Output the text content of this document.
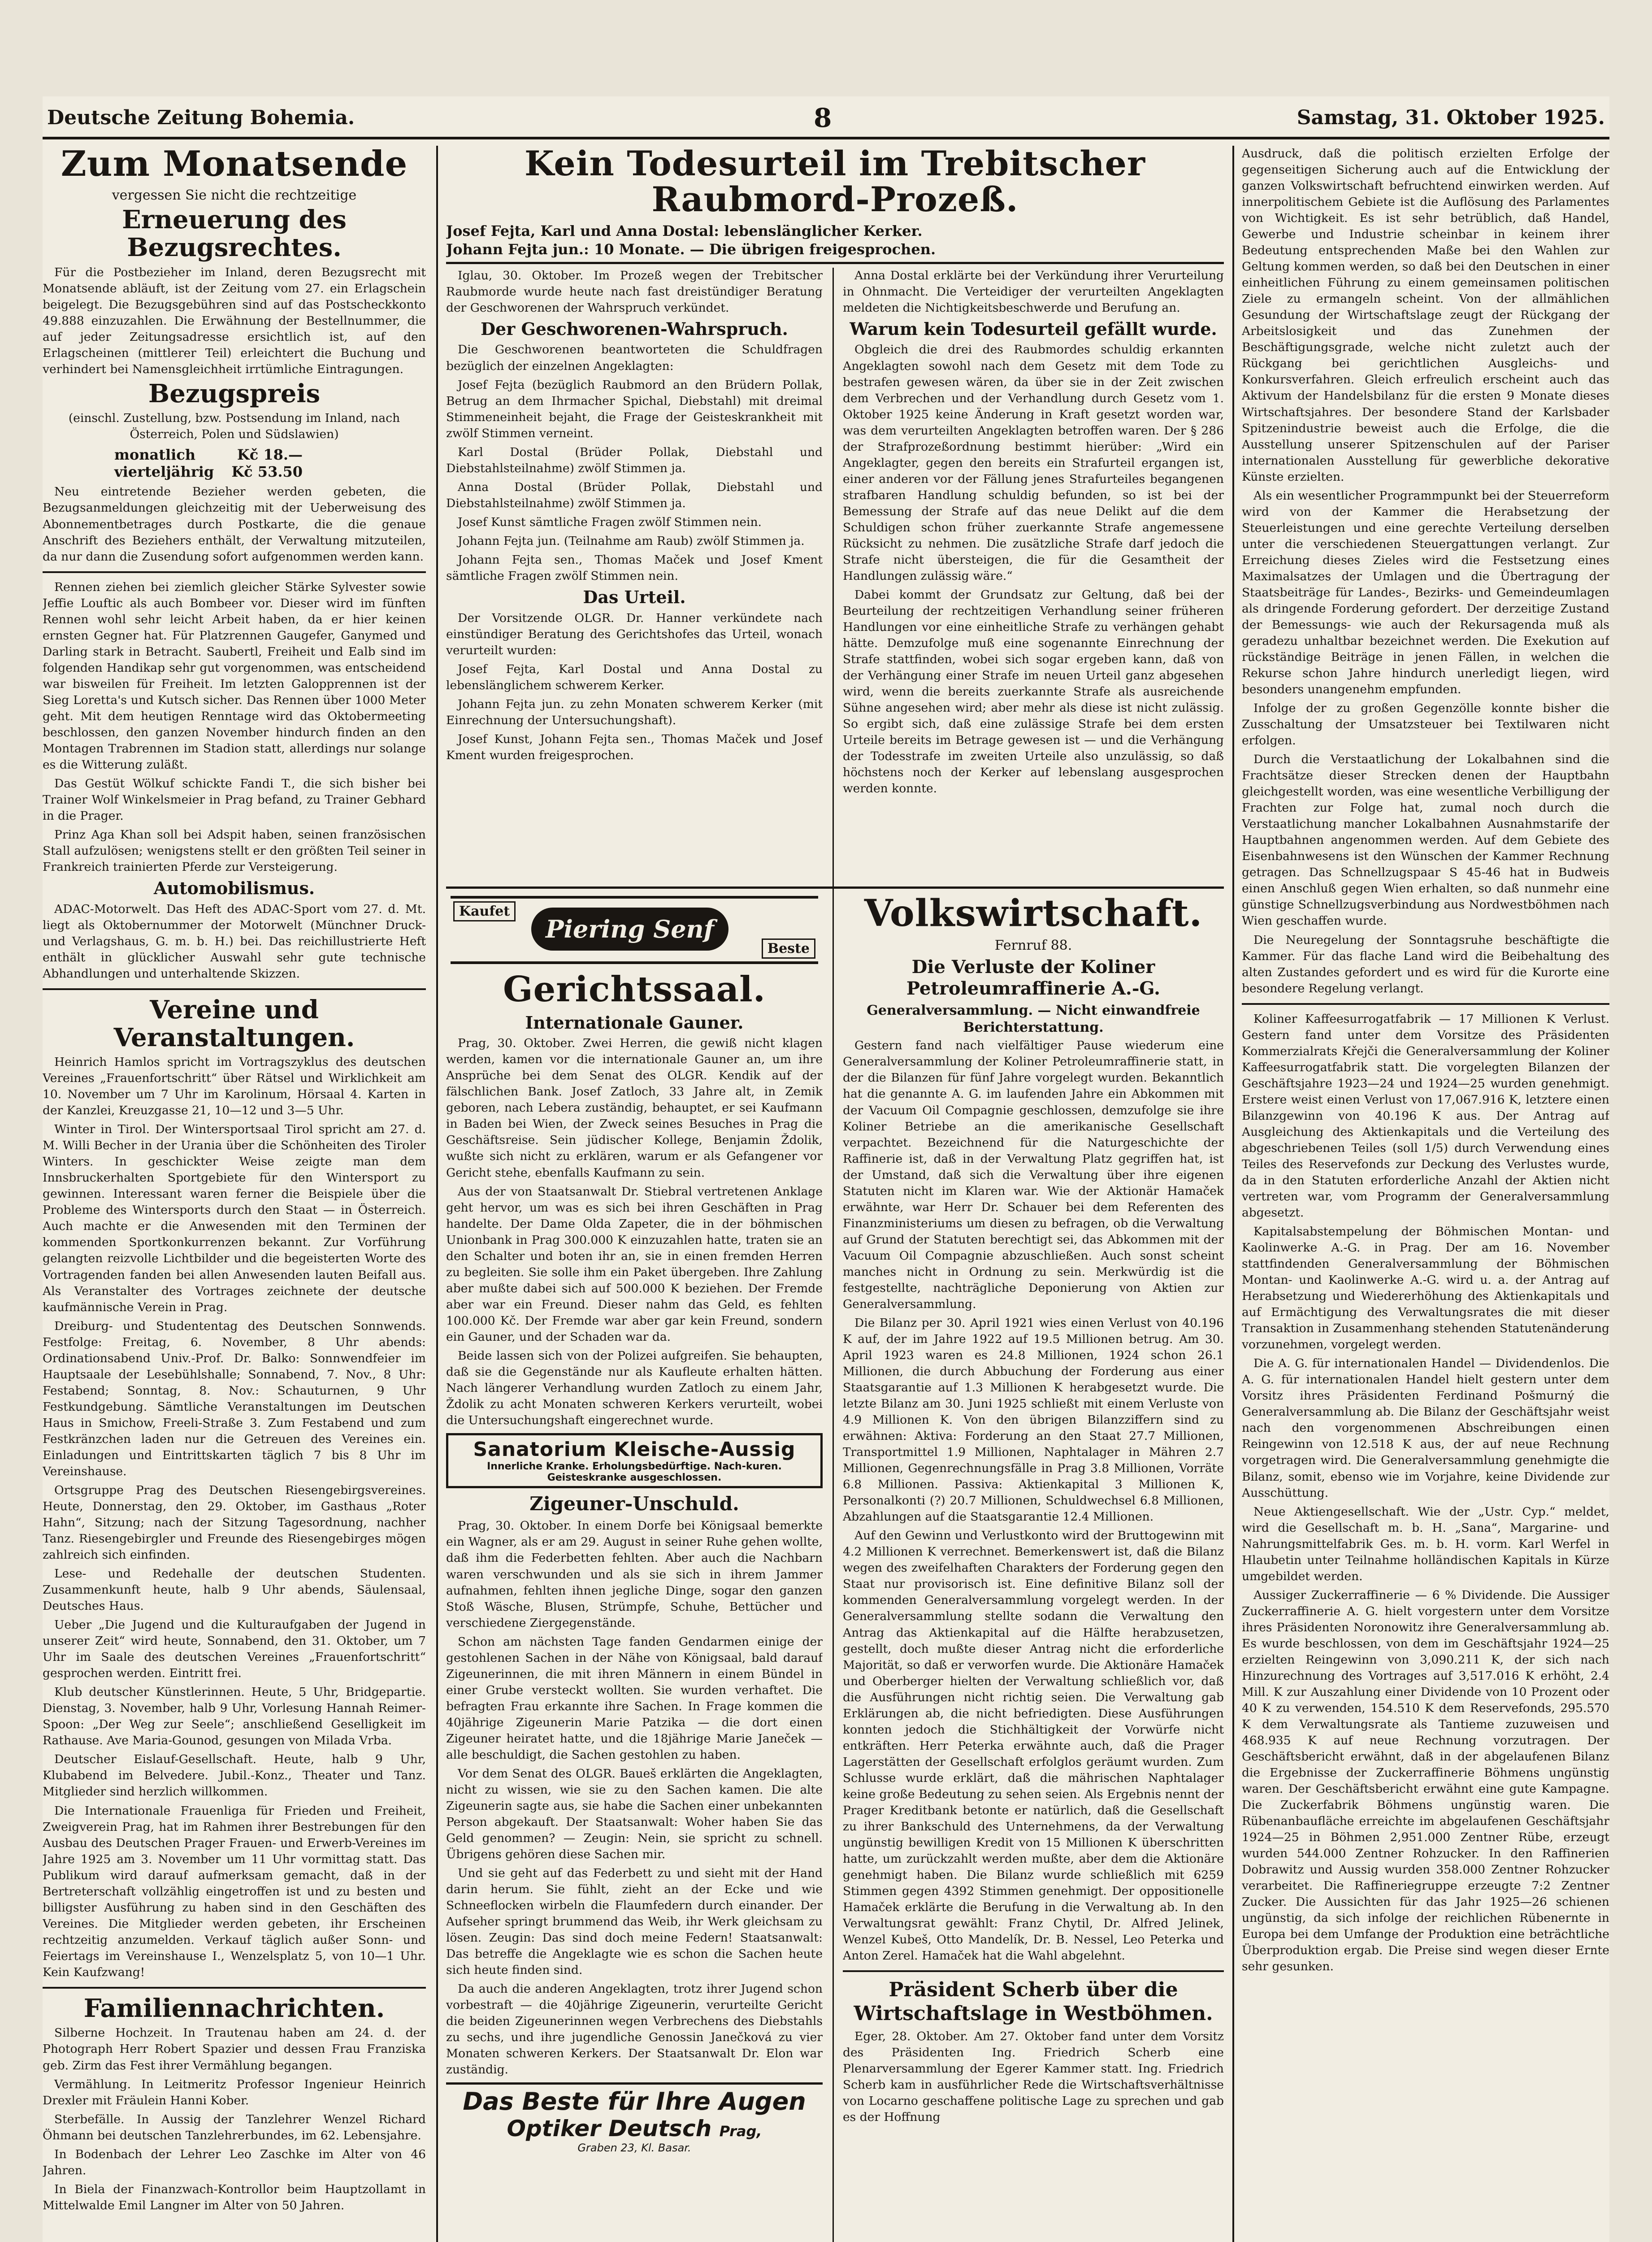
Deutsche Zeitung Bohemia.	8	Samstag, 31. Oktober 1925.
Zum Monatsende
vergessen Sie nicht die rechtzeitige
Erneuerung des Bezugsrechtes.

Für die Postbezieher im Inland, deren Bezugsrecht mit Monatsende abläuft, ist der Zeitung vom 27. ein Erlagschein beigelegt. Die Bezugsgebühren sind auf das Postscheckkonto 49.888 einzuzahlen. Die Erwähnung der Bestellnummer, die auf jeder Zeitungsadresse ersichtlich ist, auf den Erlagscheinen (mittlerer Teil) erleichtert die Buchung und verhindert bei Namensgleichheit irrtümliche Eintragungen.

Bezugspreis

(einschl. Zustellung, bzw. Postsendung im Inland, nach Österreich, Polen und Südslawien)

monatlich	Kč 18.—
vierteljährig Kč 53.50

Neu eintretende Bezieher werden gebeten, die Bezugsanmeldungen gleichzeitig mit der Ueberweisung des Abonnementbetrages durch Postkarte, die die genaue Anschrift des Beziehers enthält, der Verwaltung mitzuteilen, da nur dann die Zusendung sofort aufgenommen werden kann.

Rennen ziehen bei ziemlich gleicher Stärke Sylvester sowie Jeffie Louftic als auch Bombeer vor. Dieser wird im fünften Rennen wohl sehr leicht Arbeit haben, da er hier keinen ernsten Gegner hat. Für Platzrennen Gaugefer, Ganymed und Darling stark in Betracht. Saubertl, Freiheit und Ealb sind im folgenden Handikap sehr gut vorgenommen, was entscheidend war bisweilen für Freiheit. Im letzten Galopprennen ist der Sieg Loretta's und Kutsch sicher. Das Rennen über 1000 Meter geht. Mit dem heutigen Renntage wird das Oktobermeeting beschlossen, den ganzen November hindurch finden an den Montagen Trabrennen im Stadion statt, allerdings nur solange es die Witterung zuläßt.

Das Gestüt Wölkuf schickte Fandi T., die sich bisher bei Trainer Wolf Winkelsmeier in Prag befand, zu Trainer Gebhard in die Prager.

Prinz Aga Khan soll bei Adspit haben, seinen französischen Stall aufzulösen; wenigstens stellt er den größten Teil seiner in Frankreich trainierten Pferde zur Versteigerung.

Automobilismus.

ADAC-Motorwelt. Das Heft des ADAC-Sport vom 27. d. Mt. liegt als Oktobernummer der Motorwelt (Münchner Druck- und Verlagshaus, G. m. b. H.) bei. Das reichillustrierte Heft enthält in glücklicher Auswahl sehr gute technische Abhandlungen und unterhaltende Skizzen.

Vereine und Veranstaltungen.

Heinrich Hamlos spricht im Vortragszyklus des deutschen Vereines „Frauenfortschritt“ über Rätsel und Wirklichkeit am 10. November um 7 Uhr im Karolinum, Hörsaal 4. Karten in der Kanzlei, Kreuzgasse 21, 10—12 und 3—5 Uhr.

Winter in Tirol. Der Wintersportsaal Tirol spricht am 27. d. M. Willi Becher in der Urania über die Schönheiten des Tiroler Winters. In geschickter Weise zeigte man dem Innsbruckerhalten Sportgebiete für den Wintersport zu gewinnen. Interessant waren ferner die Beispiele über die Probleme des Wintersports durch den Staat — in Österreich. Auch machte er die Anwesenden mit den Terminen der kommenden Sportkonkurrenzen bekannt. Zur Vorführung gelangten reizvolle Lichtbilder und die begeisterten Worte des Vortragenden fanden bei allen Anwesenden lauten Beifall aus. Als Veranstalter des Vortrages zeichnete der deutsche kaufmännische Verein in Prag.

Dreiburg- und Studententag des Deutschen Sonnwends. Festfolge: Freitag, 6. November, 8 Uhr abends: Ordinationsabend Univ.-Prof. Dr. Balko: Sonnwendfeier im Hauptsaale der Lesebühlshalle; Sonnabend, 7. Nov., 8 Uhr: Festabend; Sonntag, 8. Nov.: Schauturnen, 9 Uhr Festkundgebung. Sämtliche Veranstaltungen im Deutschen Haus in Smichow, Freeli-Straße 3. Zum Festabend und zum Festkränzchen laden nur die Getreuen des Vereines ein. Einladungen und Eintrittskarten täglich 7 bis 8 Uhr im Vereinshause.

Ortsgruppe Prag des Deutschen Riesengebirgsvereines. Heute, Donnerstag, den 29. Oktober, im Gasthaus „Roter Hahn“, Sitzung; nach der Sitzung Tagesordnung, nachher Tanz. Riesengebirgler und Freunde des Riesengebirges mögen zahlreich sich einfinden.

Lese- und Redehalle der deutschen Studenten. Zusammenkunft heute, halb 9 Uhr abends, Säulensaal, Deutsches Haus.

Ueber „Die Jugend und die Kulturaufgaben der Jugend in unserer Zeit“ wird heute, Sonnabend, den 31. Oktober, um 7 Uhr im Saale des deutschen Vereines „Frauenfortschritt“ gesprochen werden. Eintritt frei.

Klub deutscher Künstlerinnen. Heute, 5 Uhr, Bridgepartie. Dienstag, 3. November, halb 9 Uhr, Vorlesung Hannah Reimer-Spoon: „Der Weg zur Seele“; anschließend Geselligkeit im Rathause. Ave Maria-Gounod, gesungen von Milada Vrba.

Deutscher Eislauf-Gesellschaft. Heute, halb 9 Uhr, Klubabend im Belvedere. Jubil.-Konz., Theater und Tanz. Mitglieder sind herzlich willkommen.

Die Internationale Frauenliga für Frieden und Freiheit, Zweigverein Prag, hat im Rahmen ihrer Bestrebungen für den Ausbau des Deutschen Prager Frauen- und Erwerb-Vereines im Jahre 1925 am 3. November um 11 Uhr vormittag statt. Das Publikum wird darauf aufmerksam gemacht, daß in der Bertreterschaft vollzählig eingetroffen ist und zu besten und billigster Ausführung zu haben sind in den Geschäften des Vereines. Die Mitglieder werden gebeten, ihr Erscheinen rechtzeitig anzumelden. Verkauf täglich außer Sonn- und Feiertags im Vereinshause I., Wenzelsplatz 5, von 10—1 Uhr. Kein Kaufzwang!

Familiennachrichten.

Silberne Hochzeit. In Trautenau haben am 24. d. der Photograph Herr Robert Spazier und dessen Frau Franziska geb. Zirm das Fest ihrer Vermählung begangen.

Vermählung. In Leitmeritz Professor Ingenieur Heinrich Drexler mit Fräulein Hanni Kober.

Sterbefälle. In Aussig der Tanzlehrer Wenzel Richard Öhmann bei deutschen Tanzlehrerbundes, im 62. Lebensjahre.

In Bodenbach der Lehrer Leo Zaschke im Alter von 46 Jahren.

In Biela der Finanzwach-Kontrollor beim Hauptzollamt in Mittelwalde Emil Langner im Alter von 50 Jahren.

Kein Todesurteil im Trebitscher Raubmord-Prozeß.
Josef Fejta, Karl und Anna Dostal: lebenslänglicher Kerker.
Johann Fejta jun.: 10 Monate. — Die übrigen freigesprochen.

Iglau, 30. Oktober. Im Prozeß wegen der Trebitscher Raubmorde wurde heute nach fast dreistündiger Beratung der Geschworenen der Wahrspruch verkündet.

Der Geschworenen-Wahrspruch.

Die Geschworenen beantworteten die Schuldfragen bezüglich der einzelnen Angeklagten:

Josef Fejta (bezüglich Raubmord an den Brüdern Pollak, Betrug an dem Ihrmacher Spichal, Diebstahl) mit dreimal Stimmeneinheit bejaht, die Frage der Geisteskrankheit mit zwölf Stimmen verneint.

Karl Dostal (Brüder Pollak, Diebstahl und Diebstahlsteilnahme) zwölf Stimmen ja.

Anna Dostal (Brüder Pollak, Diebstahl und Diebstahlsteilnahme) zwölf Stimmen ja.

Josef Kunst sämtliche Fragen zwölf Stimmen nein.

Johann Fejta jun. (Teilnahme am Raub) zwölf Stimmen ja.

Johann Fejta sen., Thomas Maček und Josef Kment sämtliche Fragen zwölf Stimmen nein.

Das Urteil.

Der Vorsitzende OLGR. Dr. Hanner verkündete nach einstündiger Beratung des Gerichtshofes das Urteil, wonach verurteilt wurden:

Josef Fejta, Karl Dostal und Anna Dostal zu lebenslänglichem schwerem Kerker.

Johann Fejta jun. zu zehn Monaten schwerem Kerker (mit Einrechnung der Untersuchungshaft).

Josef Kunst, Johann Fejta sen., Thomas Maček und Josef Kment wurden freigesprochen.

Anna Dostal erklärte bei der Verkündung ihrer Verurteilung in Ohnmacht. Die Verteidiger der verurteilten Angeklagten meldeten die Nichtigkeitsbeschwerde und Berufung an.

Warum kein Todesurteil gefällt wurde.

Obgleich die drei des Raubmordes schuldig erkannten Angeklagten sowohl nach dem Gesetz mit dem Tode zu bestrafen gewesen wären, da über sie in der Zeit zwischen dem Verbrechen und der Verhandlung durch Gesetz vom 1. Oktober 1925 keine Änderung in Kraft gesetzt worden war, was dem verurteilten Angeklagten betroffen waren. Der § 286 der Strafprozeßordnung bestimmt hierüber: „Wird ein Angeklagter, gegen den bereits ein Strafurteil ergangen ist, einer anderen vor der Fällung jenes Strafurteiles begangenen strafbaren Handlung schuldig befunden, so ist bei der Bemessung der Strafe auf das neue Delikt auf die dem Schuldigen schon früher zuerkannte Strafe angemessene Rücksicht zu nehmen. Die zusätzliche Strafe darf jedoch die Strafe nicht übersteigen, die für die Gesamtheit der Handlungen zulässig wäre.“

Dabei kommt der Grundsatz zur Geltung, daß bei der Beurteilung der rechtzeitigen Verhandlung seiner früheren Handlungen vor eine einheitliche Strafe zu verhängen gehabt hätte. Demzufolge muß eine sogenannte Einrechnung der Strafe stattfinden, wobei sich sogar ergeben kann, daß von der Verhängung einer Strafe im neuen Urteil ganz abgesehen wird, wenn die bereits zuerkannte Strafe als ausreichende Sühne angesehen wird; aber mehr als diese ist nicht zulässig. So ergibt sich, daß eine zulässige Strafe bei dem ersten Urteile bereits im Betrage gewesen ist — und die Verhängung der Todesstrafe im zweiten Urteile also unzulässig, so daß höchstens noch der Kerker auf lebenslang ausgesprochen werden konnte.

Kaufet
Piering Senf
Beste
Gerichtssaal.
Internationale Gauner.

Prag, 30. Oktober. Zwei Herren, die gewiß nicht klagen werden, kamen vor die internationale Gauner an, um ihre Ansprüche bei dem Senat des OLGR. Kendik auf der fälschlichen Bank. Josef Zatloch, 33 Jahre alt, in Zemik geboren, nach Lebera zuständig, behauptet, er sei Kaufmann in Baden bei Wien, der Zweck seines Besuches in Prag die Geschäftsreise. Sein jüdischer Kollege, Benjamin Ždolik, wußte sich nicht zu erklären, warum er als Gefangener vor Gericht stehe, ebenfalls Kaufmann zu sein.

Aus der von Staatsanwalt Dr. Stiebral vertretenen Anklage geht hervor, um was es sich bei ihren Geschäften in Prag handelte. Der Dame Olda Zapeter, die in der böhmischen Unionbank in Prag 300.000 K einzuzahlen hatte, traten sie an den Schalter und boten ihr an, sie in einen fremden Herren zu begleiten. Sie solle ihm ein Paket übergeben. Ihre Zahlung aber mußte dabei sich auf 500.000 K beziehen. Der Fremde aber war ein Freund. Dieser nahm das Geld, es fehlten 100.000 Kč. Der Fremde war aber gar kein Freund, sondern ein Gauner, und der Schaden war da.

Beide lassen sich von der Polizei aufgreifen. Sie behaupten, daß sie die Gegenstände nur als Kaufleute erhalten hätten. Nach längerer Verhandlung wurden Zatloch zu einem Jahr, Ždolik zu acht Monaten schweren Kerkers verurteilt, wobei die Untersuchungshaft eingerechnet wurde.

Sanatorium Kleische-Aussig
Innerliche Kranke. Erholungsbedürftige. Nach-kuren. Geisteskranke ausgeschlossen.
Zigeuner-Unschuld.

Prag, 30. Oktober. In einem Dorfe bei Königsaal bemerkte ein Wagner, als er am 29. August in seiner Ruhe gehen wollte, daß ihm die Federbetten fehlten. Aber auch die Nachbarn waren verschwunden und als sie sich in ihrem Jammer aufnahmen, fehlten ihnen jegliche Dinge, sogar den ganzen Stoß Wäsche, Blusen, Strümpfe, Schuhe, Bettücher und verschiedene Ziergegenstände.

Schon am nächsten Tage fanden Gendarmen einige der gestohlenen Sachen in der Nähe von Königsaal, bald darauf Zigeunerinnen, die mit ihren Männern in einem Bündel in einer Grube versteckt wollten. Sie wurden verhaftet. Die befragten Frau erkannte ihre Sachen. In Frage kommen die 40jährige Zigeunerin Marie Patzika — die dort einen Zigeuner heiratet hatte, und die 18jährige Marie Janeček — alle beschuldigt, die Sachen gestohlen zu haben.

Vor dem Senat des OLGR. Baueš erklärten die Angeklagten, nicht zu wissen, wie sie zu den Sachen kamen. Die alte Zigeunerin sagte aus, sie habe die Sachen einer unbekannten Person abgekauft. Der Staatsanwalt: Woher haben Sie das Geld genommen? — Zeugin: Nein, sie spricht zu schnell. Übrigens gehören diese Sachen mir.

Und sie geht auf das Federbett zu und sieht mit der Hand darin herum. Sie fühlt, zieht an der Ecke und wie Schneeflocken wirbeln die Flaumfedern durch einander. Der Aufseher springt brummend das Weib, ihr Werk gleichsam zu lösen. Zeugin: Das sind doch meine Federn! Staatsanwalt: Das betreffe die Angeklagte wie es schon die Sachen heute sich heute finden sind.

Da auch die anderen Angeklagten, trotz ihrer Jugend schon vorbestraft — die 40jährige Zigeunerin, verurteilte Gericht die beiden Zigeunerinnen wegen Verbrechens des Diebstahls zu sechs, und ihre jugendliche Genossin Janečková zu vier Monaten schweren Kerkers. Der Staatsanwalt Dr. Elon war zuständig.

Das Beste für Ihre Augen
Optiker Deutsch Prag,
Graben 23, Kl. Basar.
Volkswirtschaft.
Fernruf 88.
Die Verluste der Koliner Petroleumraffinerie A.-G.
Generalversammlung. — Nicht einwandfreie Berichterstattung.

Gestern fand nach vielfältiger Pause wiederum eine Generalversammlung der Koliner Petroleumraffinerie statt, in der die Bilanzen für fünf Jahre vorgelegt wurden. Bekanntlich hat die genannte A. G. im laufenden Jahre ein Abkommen mit der Vacuum Oil Compagnie geschlossen, demzufolge sie ihre Koliner Betriebe an die amerikanische Gesellschaft verpachtet. Bezeichnend für die Naturgeschichte der Raffinerie ist, daß in der Verwaltung Platz gegriffen hat, ist der Umstand, daß sich die Verwaltung über ihre eigenen Statuten nicht im Klaren war. Wie der Aktionär Hamaček erwähnte, war Herr Dr. Schauer bei dem Referenten des Finanzministeriums um diesen zu befragen, ob die Verwaltung auf Grund der Statuten berechtigt sei, das Abkommen mit der Vacuum Oil Compagnie abzuschließen. Auch sonst scheint manches nicht in Ordnung zu sein. Merkwürdig ist die festgestellte, nachträgliche Deponierung von Aktien zur Generalversammlung.

Die Bilanz per 30. April 1921 wies einen Verlust von 40.196 K auf, der im Jahre 1922 auf 19.5 Millionen betrug. Am 30. April 1923 waren es 24.8 Millionen, 1924 schon 26.1 Millionen, die durch Abbuchung der Forderung aus einer Staatsgarantie auf 1.3 Millionen K herabgesetzt wurde. Die letzte Bilanz am 30. Juni 1925 schließt mit einem Verluste von 4.9 Millionen K. Von den übrigen Bilanzziffern sind zu erwähnen: Aktiva: Forderung an den Staat 27.7 Millionen, Transportmittel 1.9 Millionen, Naphtalager in Mähren 2.7 Millionen, Gegenrechnungsfälle in Prag 3.8 Millionen, Vorräte 6.8 Millionen. Passiva: Aktienkapital 3 Millionen K, Personalkonti (?) 20.7 Millionen, Schuldwechsel 6.8 Millionen, Abzahlungen auf die Staatsgarantie 12.4 Millionen.

Auf den Gewinn und Verlustkonto wird der Bruttogewinn mit 4.2 Millionen K verrechnet. Bemerkenswert ist, daß die Bilanz wegen des zweifelhaften Charakters der Forderung gegen den Staat nur provisorisch ist. Eine definitive Bilanz soll der kommenden Generalversammlung vorgelegt werden. In der Generalversammlung stellte sodann die Verwaltung den Antrag das Aktienkapital auf die Hälfte herabzusetzen, gestellt, doch mußte dieser Antrag nicht die erforderliche Majorität, so daß er verworfen wurde. Die Aktionäre Hamaček und Oberberger hielten der Verwaltung schließlich vor, daß die Ausführungen nicht richtig seien. Die Verwaltung gab Erklärungen ab, die nicht befriedigten. Diese Ausführungen konnten jedoch die Stichhältigkeit der Vorwürfe nicht entkräften. Herr Peterka erwähnte auch, daß die Prager Lagerstätten der Gesellschaft erfolglos geräumt wurden. Zum Schlusse wurde erklärt, daß die mährischen Naphtalager keine große Bedeutung zu sehen seien. Als Ergebnis nennt der Prager Kreditbank betonte er natürlich, daß die Gesellschaft zu ihrer Bankschuld des Unternehmens, da der Verwaltung ungünstig bewilligen Kredit von 15 Millionen K überschritten hatte, um zurückzahlt werden mußte, aber dem die Aktionäre genehmigt haben. Die Bilanz wurde schließlich mit 6259 Stimmen gegen 4392 Stimmen genehmigt. Der oppositionelle Hamaček erklärte die Berufung in die Verwaltung ab. In den Verwaltungsrat gewählt: Franz Chytil, Dr. Alfred Jelinek, Wenzel Kubeš, Otto Mandelík, Dr. B. Nessel, Leo Peterka und Anton Zerel. Hamaček hat die Wahl abgelehnt.

Präsident Scherb über die Wirtschaftslage in Westböhmen.

Eger, 28. Oktober. Am 27. Oktober fand unter dem Vorsitz des Präsidenten Ing. Friedrich Scherb eine Plenarversammlung der Egerer Kammer statt. Ing. Friedrich Scherb kam in ausführlicher Rede die Wirtschaftsverhältnisse von Locarno geschaffene politische Lage zu sprechen und gab es der Hoffnung

Ausdruck, daß die politisch erzielten Erfolge der gegenseitigen Sicherung auch auf die Entwicklung der ganzen Volkswirtschaft befruchtend einwirken werden. Auf innerpolitischem Gebiete ist die Auflösung des Parlamentes von Wichtigkeit. Es ist sehr betrüblich, daß Handel, Gewerbe und Industrie scheinbar in keinem ihrer Bedeutung entsprechenden Maße bei den Wahlen zur Geltung kommen werden, so daß bei den Deutschen in einer einheitlichen Führung zu einem gemeinsamen politischen Ziele zu ermangeln scheint. Von der allmählichen Gesundung der Wirtschaftslage zeugt der Rückgang der Arbeitslosigkeit und das Zunehmen der Beschäftigungsgrade, welche nicht zuletzt auch der Rückgang bei gerichtlichen Ausgleichs- und Konkursverfahren. Gleich erfreulich erscheint auch das Aktivum der Handelsbilanz für die ersten 9 Monate dieses Wirtschaftsjahres. Der besondere Stand der Karlsbader Spitzenindustrie beweist auch die Erfolge, die die Ausstellung unserer Spitzenschulen auf der Pariser internationalen Ausstellung für gewerbliche dekorative Künste erzielten.

Als ein wesentlicher Programmpunkt bei der Steuerreform wird von der Kammer die Herabsetzung der Steuerleistungen und eine gerechte Verteilung derselben unter die verschiedenen Steuergattungen verlangt. Zur Erreichung dieses Zieles wird die Festsetzung eines Maximalsatzes der Umlagen und die Übertragung der Staatsbeiträge für Landes-, Bezirks- und Gemeindeumlagen als dringende Forderung gefordert. Der derzeitige Zustand der Bemessungs- wie auch der Rekursagenda muß als geradezu unhaltbar bezeichnet werden. Die Exekution auf rückständige Beiträge in jenen Fällen, in welchen die Rekurse schon Jahre hindurch unerledigt liegen, wird besonders unangenehm empfunden.

Infolge der zu großen Gegenzölle konnte bisher die Zusschaltung der Umsatzsteuer bei Textilwaren nicht erfolgen.

Durch die Verstaatlichung der Lokalbahnen sind die Frachtsätze dieser Strecken denen der Hauptbahn gleichgestellt worden, was eine wesentliche Verbilligung der Frachten zur Folge hat, zumal noch durch die Verstaatlichung mancher Lokalbahnen Ausnahmstarife der Hauptbahnen angenommen werden. Auf dem Gebiete des Eisenbahnwesens ist den Wünschen der Kammer Rechnung getragen. Das Schnellzugspaar S 45-46 hat in Budweis einen Anschluß gegen Wien erhalten, so daß nunmehr eine günstige Schnellzugsverbindung aus Nordwestböhmen nach Wien geschaffen wurde.

Die Neuregelung der Sonntagsruhe beschäftigte die Kammer. Für das flache Land wird die Beibehaltung des alten Zustandes gefordert und es wird für die Kurorte eine besondere Regelung verlangt.

Koliner Kaffeesurrogatfabrik — 17 Millionen K Verlust. Gestern fand unter dem Vorsitze des Präsidenten Kommerzialrats Křejči die Generalversammlung der Koliner Kaffeesurrogatfabrik statt. Die vorgelegten Bilanzen der Geschäftsjahre 1923—24 und 1924—25 wurden genehmigt. Erstere weist einen Verlust von 17,067.916 K, letztere einen Bilanzgewinn von 40.196 K aus. Der Antrag auf Ausgleichung des Aktienkapitals und die Verteilung des abgeschriebenen Teiles (soll 1/5) durch Verwendung eines Teiles des Reservefonds zur Deckung des Verlustes wurde, da in den Statuten erforderliche Anzahl der Aktien nicht vertreten war, vom Programm der Generalversammlung abgesetzt.

Kapitalsabstempelung der Böhmischen Montan- und Kaolinwerke A.-G. in Prag. Der am 16. November stattfindenden Generalversammlung der Böhmischen Montan- und Kaolinwerke A.-G. wird u. a. der Antrag auf Herabsetzung und Wiedererhöhung des Aktienkapitals und auf Ermächtigung des Verwaltungsrates die mit dieser Transaktion in Zusammenhang stehenden Statutenänderung vorzunehmen, vorgelegt werden.

Die A. G. für internationalen Handel — Dividendenlos. Die A. G. für internationalen Handel hielt gestern unter dem Vorsitz ihres Präsidenten Ferdinand Pošmurný die Generalversammlung ab. Die Bilanz der Geschäftsjahr weist nach den vorgenommenen Abschreibungen einen Reingewinn von 12.518 K aus, der auf neue Rechnung vorgetragen wird. Die Generalversammlung genehmigte die Bilanz, somit, ebenso wie im Vorjahre, keine Dividende zur Ausschüttung.

Neue Aktiengesellschaft. Wie der „Ustr. Cyp.“ meldet, wird die Gesellschaft m. b. H. „Sana“, Margarine- und Nahrungsmittelfabrik Ges. m. b. H. vorm. Karl Werfel in Hlaubetin unter Teilnahme holländischen Kapitals in Kürze umgebildet werden.

Aussiger Zuckerraffinerie — 6 % Dividende. Die Aussiger Zuckerraffinerie A. G. hielt vorgestern unter dem Vorsitze ihres Präsidenten Noronowitz ihre Generalversammlung ab. Es wurde beschlossen, von dem im Geschäftsjahr 1924—25 erzielten Reingewinn von 3,090.211 K, der sich nach Hinzurechnung des Vortrages auf 3,517.016 K erhöht, 2.4 Mill. K zur Auszahlung einer Dividende von 10 Prozent oder 40 K zu verwenden, 154.510 K dem Reservefonds, 295.570 K dem Verwaltungsrate als Tantieme zuzuweisen und 468.935 K auf neue Rechnung vorzutragen. Der Geschäftsbericht erwähnt, daß in der abgelaufenen Bilanz die Ergebnisse der Zuckerraffinerie Böhmens ungünstig waren. Der Geschäftsbericht erwähnt eine gute Kampagne. Die Zuckerfabrik Böhmens ungünstig waren. Die Rübenanbaufläche erreichte im abgelaufenen Geschäftsjahr 1924—25 in Böhmen 2,951.000 Zentner Rübe, erzeugt wurden 544.000 Zentner Rohzucker. In den Raffinerien Dobrawitz und Aussig wurden 358.000 Zentner Rohzucker verarbeitet. Die Raffineriegruppe erzeugte 7:2 Zentner Zucker. Die Aussichten für das Jahr 1925—26 schienen ungünstig, da sich infolge der reichlichen Rübenernte in Europa bei dem Umfange der Produktion eine beträchtliche Überproduktion ergab. Die Preise sind wegen dieser Ernte sehr gesunken.
